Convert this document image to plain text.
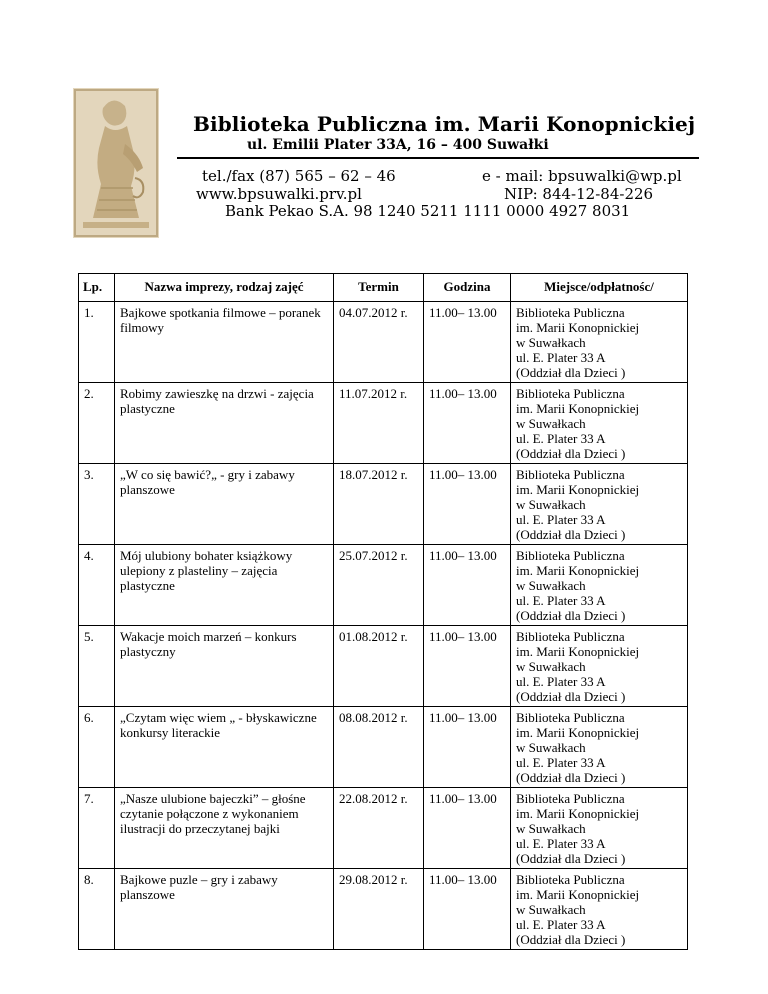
Biblioteka Publiczna im. Marii Konopnickiej
ul. Emilii Plater 33A, 16 – 400 Suwałki
tel./fax (87) 565 – 62 – 46	e - mail: bpsuwalki@wp.pl
www.bpsuwalki.prv.pl	NIP: 844-12-84-226
Bank Pekao S.A. 98 1240 5211 1111 0000 4927 8031
Lp.	Nazwa imprezy, rodzaj zajęć	Termin	Godzina	Miejsce/odpłatnośc/
1.	Bajkowe spotkania filmowe – poranek filmowy	04.07.2012 r.	11.00– 13.00	Biblioteka Publiczna
im. Marii Konopnickiej
w Suwałkach
ul. E. Plater 33 A
(Oddział dla Dzieci )

2.	Robimy zawieszkę na drzwi - zajęcia plastyczne	11.07.2012 r.	11.00– 13.00	Biblioteka Publiczna
im. Marii Konopnickiej
w Suwałkach
ul. E. Plater 33 A
(Oddział dla Dzieci )

3.	„W co się bawić?„ - gry i zabawy planszowe	18.07.2012 r.	11.00– 13.00	Biblioteka Publiczna
im. Marii Konopnickiej
w Suwałkach
ul. E. Plater 33 A
(Oddział dla Dzieci )

4.	Mój ulubiony bohater książkowy ulepiony z plasteliny – zajęcia plastyczne	25.07.2012 r.	11.00– 13.00	Biblioteka Publiczna
im. Marii Konopnickiej
w Suwałkach
ul. E. Plater 33 A
(Oddział dla Dzieci )

5.	Wakacje moich marzeń – konkurs plastyczny	01.08.2012 r.	11.00– 13.00	Biblioteka Publiczna
im. Marii Konopnickiej
w Suwałkach
ul. E. Plater 33 A
(Oddział dla Dzieci )

6.	„Czytam więc wiem „ - błyskawiczne konkursy literackie	08.08.2012 r.	11.00– 13.00	Biblioteka Publiczna
im. Marii Konopnickiej
w Suwałkach
ul. E. Plater 33 A
(Oddział dla Dzieci )

7.	„Nasze ulubione bajeczki” – głośne czytanie połączone z wykonaniem ilustracji do przeczytanej bajki	22.08.2012 r.	11.00– 13.00	Biblioteka Publiczna
im. Marii Konopnickiej
w Suwałkach
ul. E. Plater 33 A
(Oddział dla Dzieci )

8.	Bajkowe puzle – gry i zabawy planszowe	29.08.2012 r.	11.00– 13.00	Biblioteka Publiczna
im. Marii Konopnickiej
w Suwałkach
ul. E. Plater 33 A
(Oddział dla Dzieci )
